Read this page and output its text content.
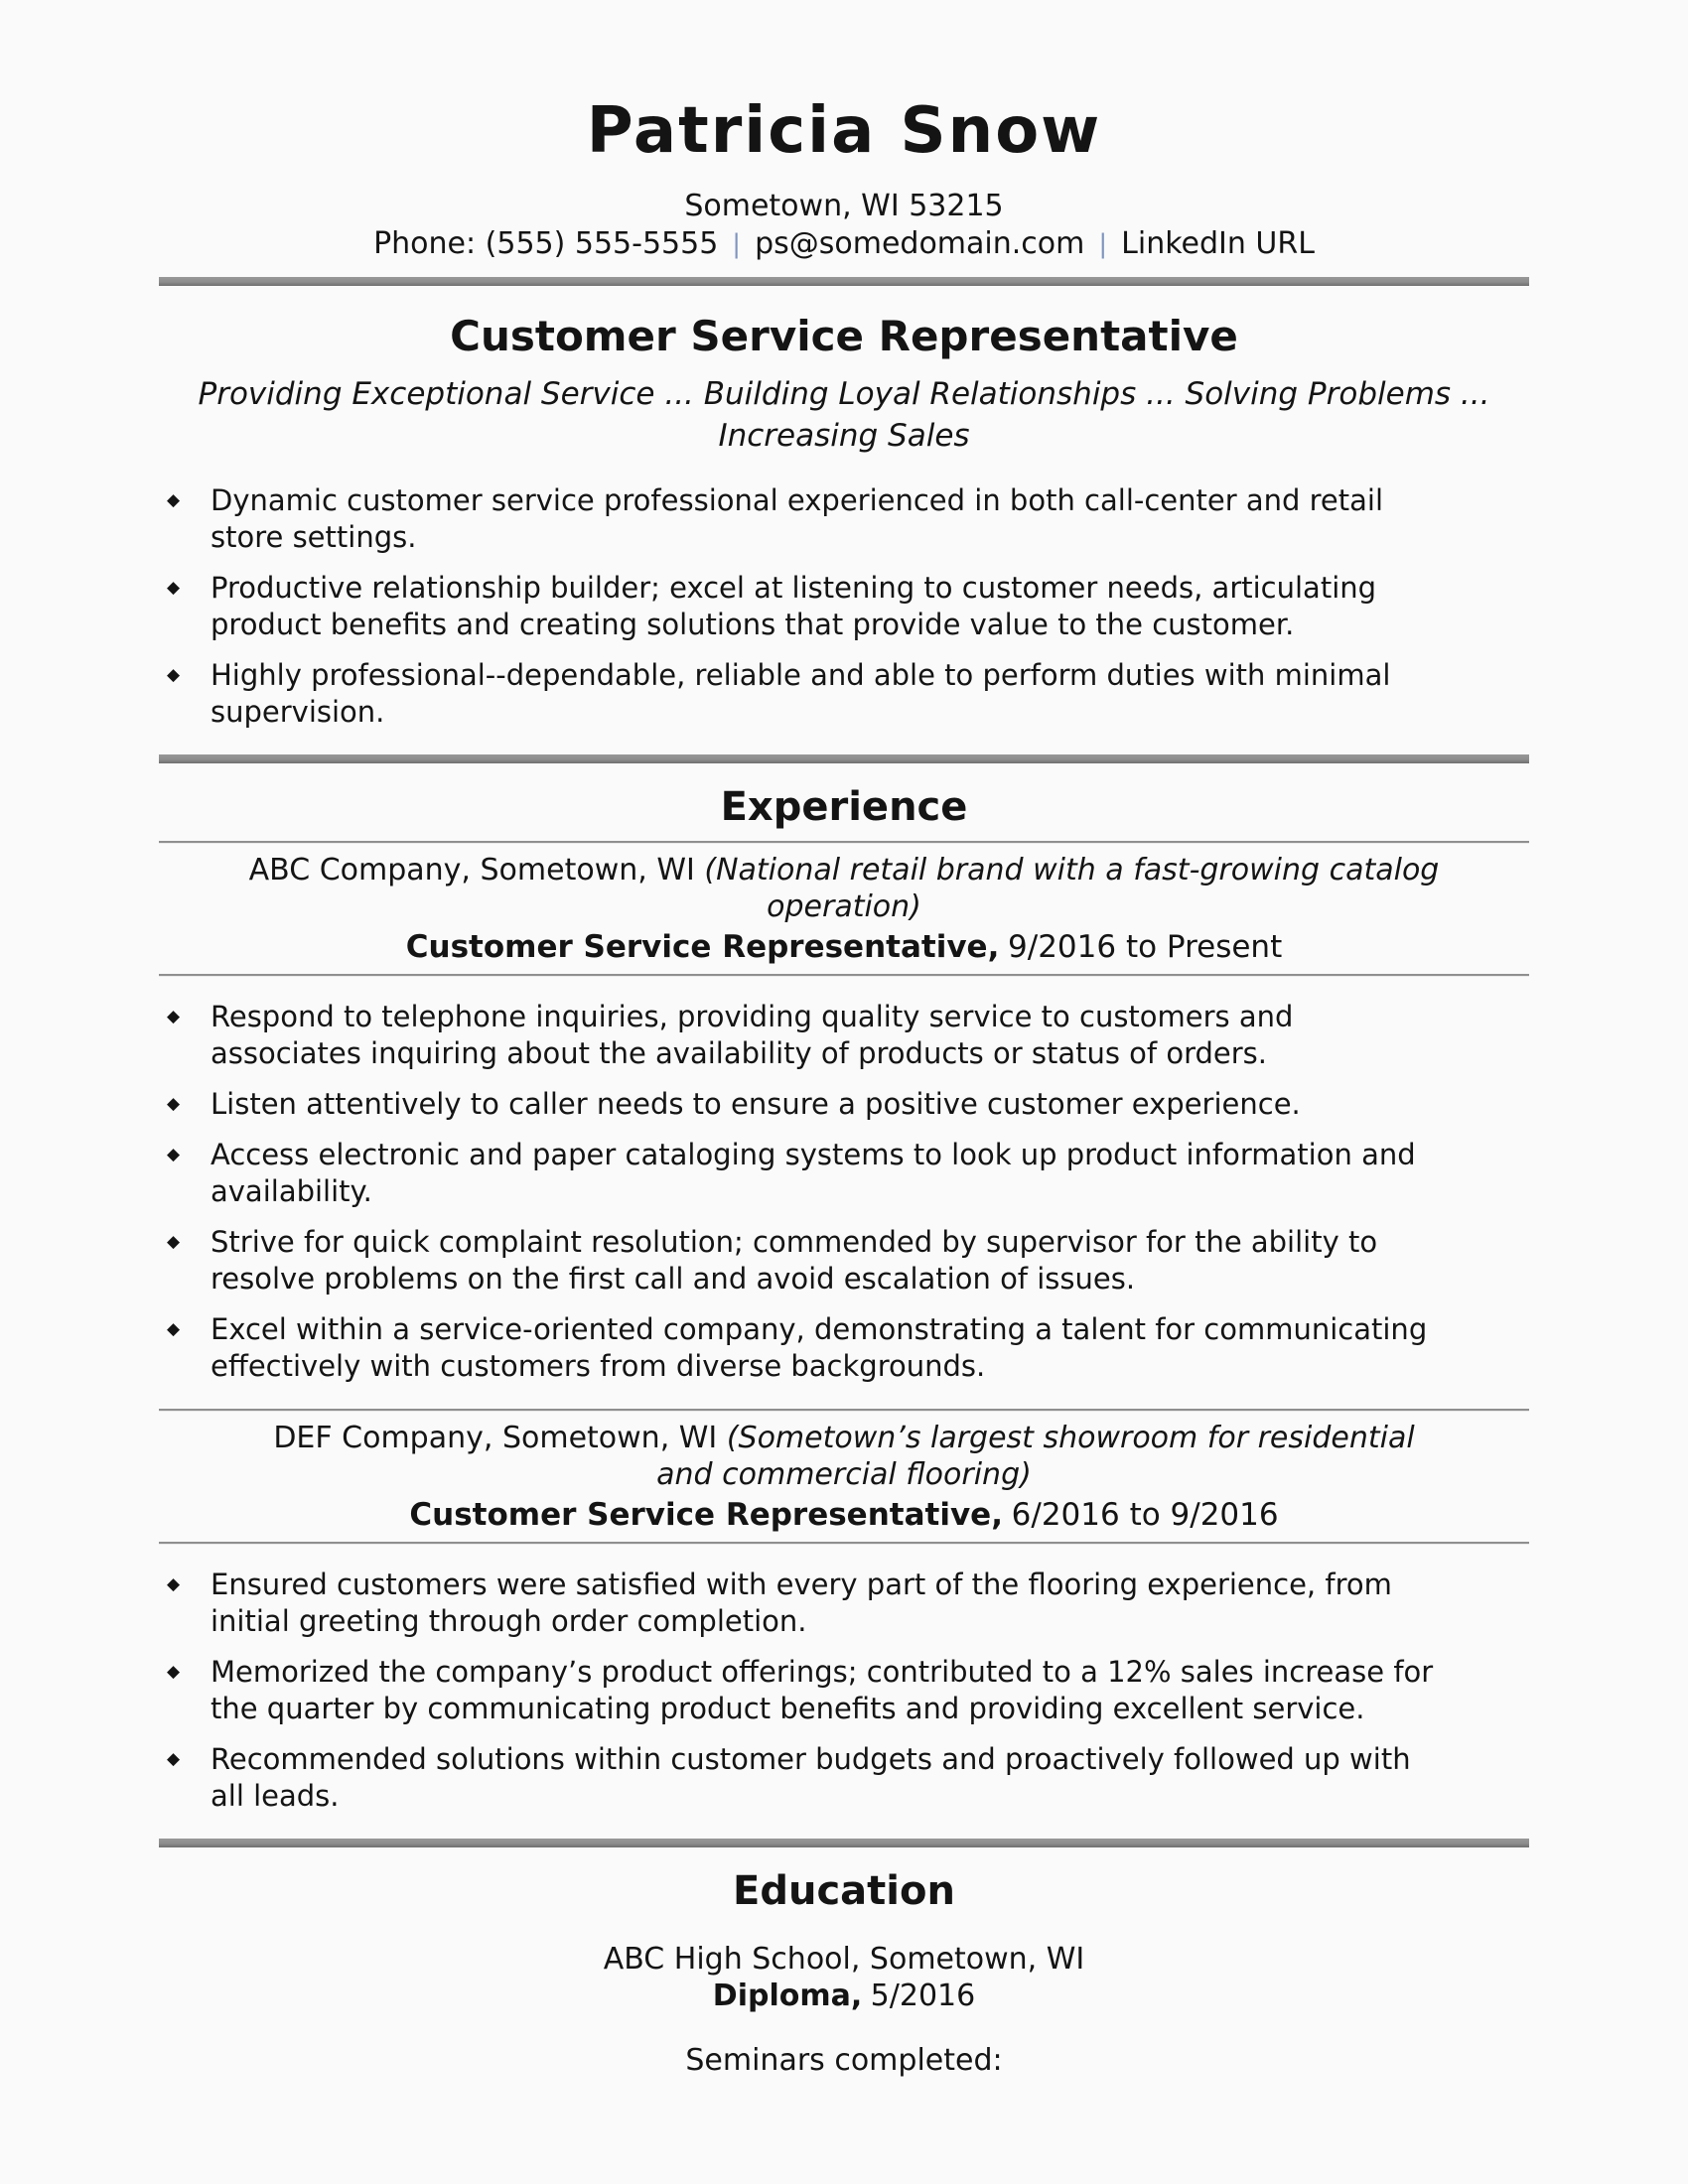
Patricia Snow
Sometown, WI 53215
Phone: (555) 555-5555 | ps@somedomain.com | LinkedIn URL
Customer Service Representative
Providing Exceptional Service ... Building Loyal Relationships ... Solving Problems ...
Increasing Sales
◆	Dynamic customer service professional experienced in both call-center and retail store settings.
◆	Productive relationship builder; excel at listening to customer needs, articulating product benefits and creating solutions that provide value to the customer.
◆	Highly professional--dependable, reliable and able to perform duties with minimal supervision.
Experience
ABC Company, Sometown, WI (National retail brand with a fast-growing catalog operation)
Customer Service Representative, 9/2016 to Present
◆	Respond to telephone inquiries, providing quality service to customers and associates inquiring about the availability of products or status of orders.
◆	Listen attentively to caller needs to ensure a positive customer experience.
◆	Access electronic and paper cataloging systems to look up product information and availability.
◆	Strive for quick complaint resolution; commended by supervisor for the ability to resolve problems on the first call and avoid escalation of issues.
◆	Excel within a service-oriented company, demonstrating a talent for communicating effectively with customers from diverse backgrounds.
DEF Company, Sometown, WI (Sometown’s largest showroom for residential and commercial flooring)
Customer Service Representative, 6/2016 to 9/2016
◆	Ensured customers were satisfied with every part of the flooring experience, from initial greeting through order completion.
◆	Memorized the company’s product offerings; contributed to a 12% sales increase for the quarter by communicating product benefits and providing excellent service.
◆	Recommended solutions within customer budgets and proactively followed up with all leads.
Education
ABC High School, Sometown, WI
Diploma, 5/2016
Seminars completed:
